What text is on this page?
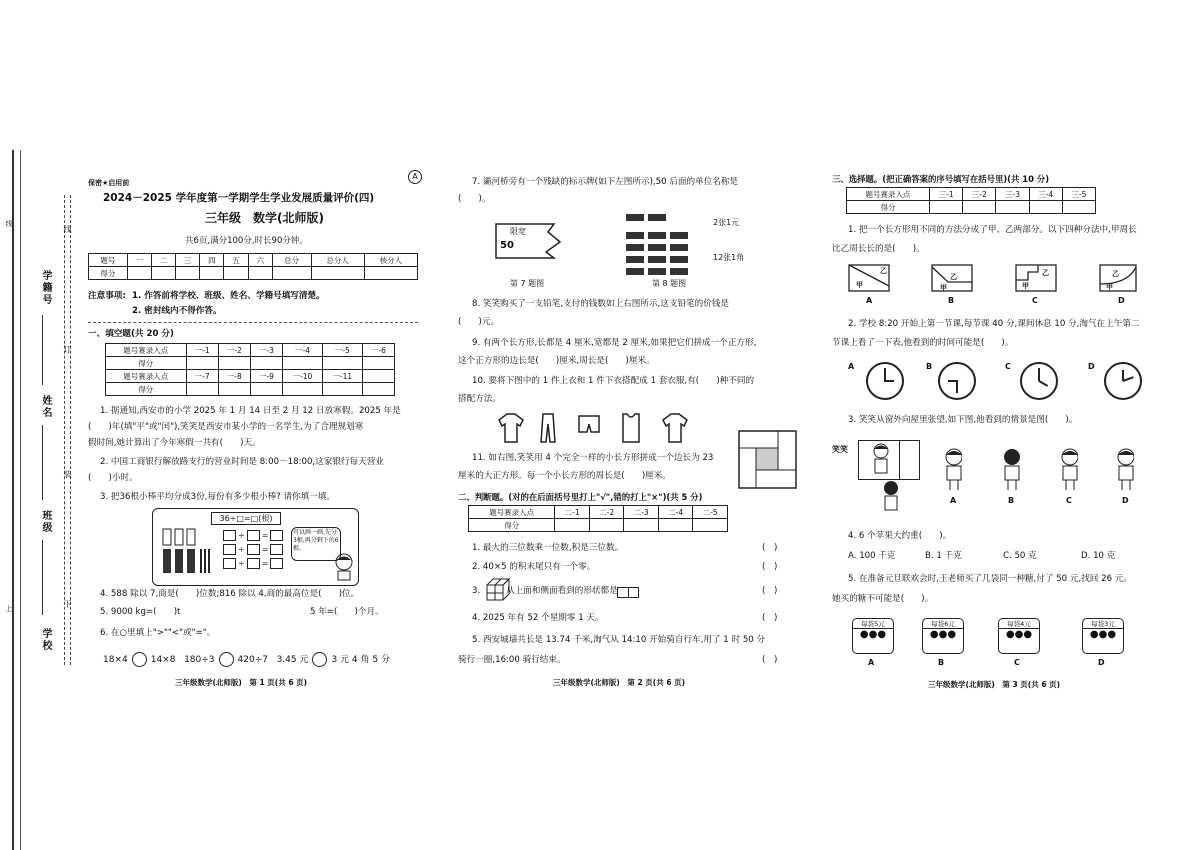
学籍号
姓名
班级
学校
线
订
装
下
线
上
保密★启用前
A
2024－2025 学年度第一学期学生学业发展质量评价(四)
三年级　数学(北师版)
共6页,满分100分,时长90分钟。
题号	一	二	三	四	五	六	总分	总分人	核分人
得分									
注意事项: 1. 作答前将学校、班级、姓名、学籍号填写清楚。
2. 密封线内不得作答。
一、填空题(共 20 分)
题号赛录入点	一-1	一-2	一-3	一-4	一-5	一-6
得分						
题号赛录入点	一-7	一-8	一-9	一-10	一-11	
得分						
1. 据通知,西安市的小学 2025 年 1 月 14 日至 2 月 12 日放寒假。2025 年是
(　　)年(填"平"或"闰"),笑笑是西安市某小学的一名学生,为了合理规划寒
假时间,她计算出了今年寒假一共有(　　)天。
2. 中国工商银行解放路支行的营业时间是 8:00－18:00,这家银行每天营业
(　　)小时。
3. 把36根小棒平均分成3份,每份有多少根小棒? 请你填一填。
36÷□=□(根)
÷ =
÷ =
÷ =
可以画一画,先分3根,再分剩下的6根。
4. 588 除以 7,商是(　　)位数;816 除以 4,商的最高位是(　　)位。
5. 9000 kg=(　　)t	5 年=(　　)个月。
6. 在○里填上">""<"或"="。
18×4	14×8 180÷3	420÷7 3.45 元	3 元 4 角 5 分
三年级数学(北师版)　第 1 页(共 6 页)
7. 灞河桥旁有一个残缺的标示牌(如下左图所示),50 后面的单位名称是
(　　)。
限宽
50
第 7 题图
2张1元
12张1角
第 8 题图
8. 笑笑购买了一支铅笔,支付的钱数如上右图所示,这支铅笔的价钱是
(　　)元。
9. 有两个长方形,长都是 4 厘米,宽都是 2 厘米,如果把它们拼成一个正方形,
这个正方形的边长是(　　)厘米,周长是(　　)厘米。
10. 要将下图中的 1 件上衣和 1 件下衣搭配成 1 套衣服,有(　　)种不同的
搭配方法。
11. 如右图,笑笑用 4 个完全一样的小长方形拼成一个边长为 23
厘米的大正方形。每一个小长方形的周长是(　　)厘米。
二、判断题。(对的在后面括号里打上"√",错的打上"×")(共 5 分)
题号赛录入点	二-1	二-2	二-3	二-4	二-5
得分					
1. 最大的三位数乘一位数,积是三位数。	(　)
2. 40×5 的积末尾只有一个零。	(　)
3.　　　从上面和侧面看到的形状都是	(　)
4. 2025 年有 52 个星期零 1 天。	(　)
5. 西安城墙共长是 13.74 千米,淘气从 14:10 开始骑自行车,用了 1 时 50 分
骑行一圈,16:00 骑行结束。	(　)
三年级数学(北师版)　第 2 页(共 6 页)
三、选择题。(把正确答案的序号填写在括号里)(共 10 分)
题号赛录入点	三-1	三-2	三-3	三-4	三-5
得分					
1. 把一个长方形用不同的方法分成了甲、乙两部分。以下四种分法中,甲周长
比乙周长长的是(　　)。
乙
甲
乙
甲
乙
甲
乙
甲
A	B	C	D
2. 学校 8:20 开始上第一节课,每节课 40 分,课间休息 10 分,淘气在上午第二
节课上看了一下表,他看到的时间可能是(　　)。
A	B	C	D
3. 笑笑从窗外向屋里张望,如下图,他看到的情景是图(　　)。
笑笑
A	B	C	D
4. 6 个苹果大约重(　　)。
A. 100 千克	B. 1 千克	C. 50 克	D. 10 克
5. 在准备元旦联欢会时,王老师买了几袋同一种糖,付了 50 元,找回 26 元。
她买的糖不可能是(　　)。
每袋5元
●●●
每袋6元
●●●
每袋4元
●●●
每袋3元
●●●
A	B	C	D
三年级数学(北师版)　第 3 页(共 6 页)
